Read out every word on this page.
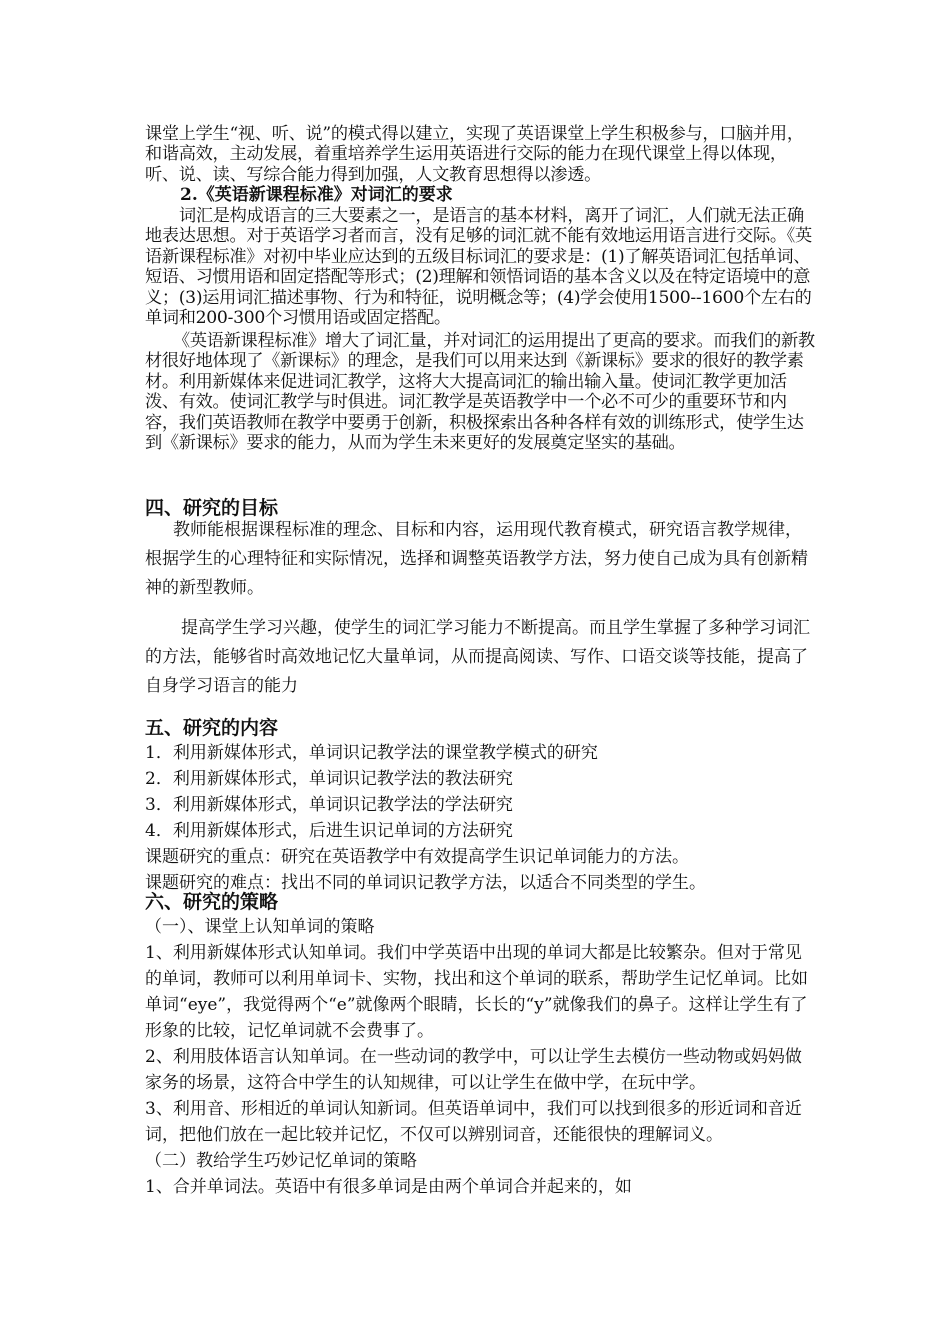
课堂上学生“视、听、说”的模式得以建立，实现了英语课堂上学生积极参与，口脑并用，和谐高效，主动发展，着重培养学生运用英语进行交际的能力在现代课堂上得以体现，听、说、读、写综合能力得到加强，人文教育思想得以渗透。

2.《英语新课程标准》对词汇的要求

词汇是构成语言的三大要素之一，是语言的基本材料，离开了词汇，人们就无法正确地表达思想。对于英语学习者而言，没有足够的词汇就不能有效地运用语言进行交际。《英语新课程标准》对初中毕业应达到的五级目标词汇的要求是：(1)了解英语词汇包括单词、短语、习惯用语和固定搭配等形式；(2)理解和领悟词语的基本含义以及在特定语境中的意义；(3)运用词汇描述事物、行为和特征，说明概念等；(4)学会使用1500--1600个左右的单词和200-300个习惯用语或固定搭配。

《英语新课程标准》增大了词汇量，并对词汇的运用提出了更高的要求。而我们的新教材很好地体现了《新课标》的理念，是我们可以用来达到《新课标》要求的很好的教学素材。利用新媒体来促进词汇教学，这将大大提高词汇的输出输入量。使词汇教学更加活泼、有效。使词汇教学与时俱进。词汇教学是英语教学中一个必不可少的重要环节和内容，我们英语教师在教学中要勇于创新，积极探索出各种各样有效的训练形式，使学生达到《新课标》要求的能力，从而为学生未来更好的发展奠定坚实的基础。

四、研究的目标

教师能根据课程标准的理念、目标和内容，运用现代教育模式，研究语言教学规律，根据学生的心理特征和实际情况，选择和调整英语教学方法，努力使自己成为具有创新精神的新型教师。

提高学生学习兴趣，使学生的词汇学习能力不断提高。而且学生掌握了多种学习词汇的方法，能够省时高效地记忆大量单词，从而提高阅读、写作、口语交谈等技能，提高了自身学习语言的能力

五、研究的内容

1．利用新媒体形式，单词识记教学法的课堂教学模式的研究

2．利用新媒体形式，单词识记教学法的教法研究

3．利用新媒体形式，单词识记教学法的学法研究

4．利用新媒体形式，后进生识记单词的方法研究

课题研究的重点：研究在英语教学中有效提高学生识记单词能力的方法。

课题研究的难点：找出不同的单词识记教学方法，以适合不同类型的学生。

六、研究的策略

（一）、课堂上认知单词的策略

1、利用新媒体形式认知单词。我们中学英语中出现的单词大都是比较繁杂。但对于常见的单词，教师可以利用单词卡、实物，找出和这个单词的联系，帮助学生记忆单词。比如单词“eye”，我觉得两个“e”就像两个眼睛，长长的“y”就像我们的鼻子。这样让学生有了形象的比较，记忆单词就不会费事了。

2、利用肢体语言认知单词。在一些动词的教学中，可以让学生去模仿一些动物或妈妈做家务的场景，这符合中学生的认知规律，可以让学生在做中学，在玩中学。

3、利用音、形相近的单词认知新词。但英语单词中，我们可以找到很多的形近词和音近词，把他们放在一起比较并记忆，不仅可以辨别词音，还能很快的理解词义。

（二）教给学生巧妙记忆单词的策略

1、合并单词法。英语中有很多单词是由两个单词合并起来的，如
